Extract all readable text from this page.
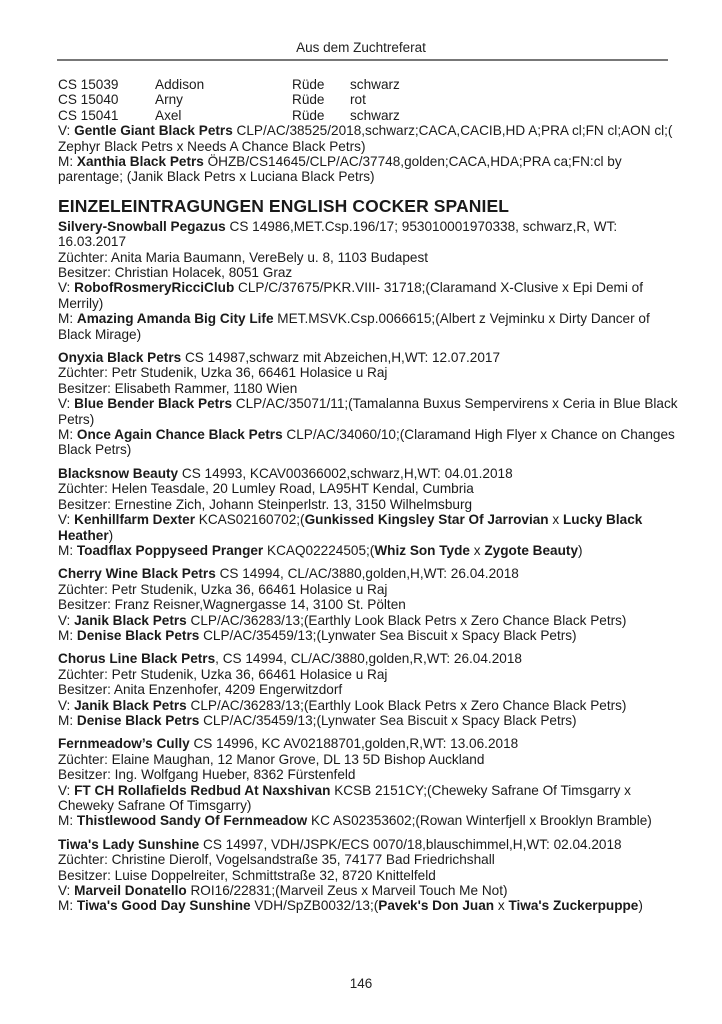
Aus dem Zuchtreferat
CS 15039	Addison	Rüde schwarz
CS 15040	Arny	Rüde rot
CS 15041	Axel	Rüde schwarz

V: Gentle Giant Black Petrs CLP/AC/38525/2018,schwarz;CACA,CACIB,HD A;PRA cl;FN cl;AON cl;( Zephyr Black Petrs x Needs A Chance Black Petrs)

M: Xanthia Black Petrs ÖHZB/CS14645/CLP/AC/37748,golden;CACA,HDA;PRA ca;FN:cl by parentage; (Janik Black Petrs x Luciana Black Petrs)

EINZELEINTRAGUNGEN ENGLISH COCKER SPANIEL

Silvery-Snowball Pegazus CS 14986,MET.Csp.196/17; 953010001970338, schwarz,R, WT: 16.03.2017

Züchter: Anita Maria Baumann, VereBely u. 8, 1103 Budapest

Besitzer: Christian Holacek, 8051 Graz

V: RobofRosmeryRicciClub CLP/C/37675/PKR.VIII- 31718;(Claramand X-Clusive x Epi Demi of Merrily)

M: Amazing Amanda Big City Life MET.MSVK.Csp.0066615;(Albert z Vejminku x Dirty Dancer of Black Mirage)

Onyxia Black Petrs CS 14987,schwarz mit Abzeichen,H,WT: 12.07.2017

Züchter: Petr Studenik, Uzka 36, 66461 Holasice u Raj

Besitzer: Elisabeth Rammer, 1180 Wien

V: Blue Bender Black Petrs CLP/AC/35071/11;(Tamalanna Buxus Sempervirens x Ceria in Blue Black Petrs)

M: Once Again Chance Black Petrs CLP/AC/34060/10;(Claramand High Flyer x Chance on Changes Black Petrs)

Blacksnow Beauty CS 14993, KCAV00366002,schwarz,H,WT: 04.01.2018

Züchter: Helen Teasdale, 20 Lumley Road, LA95HT Kendal, Cumbria

Besitzer: Ernestine Zich, Johann Steinperlstr. 13, 3150 Wilhelmsburg

V: Kenhillfarm Dexter KCAS02160702;(Gunkissed Kingsley Star Of Jarrovian x Lucky Black Heather)

M: Toadflax Poppyseed Pranger KCAQ02224505;(Whiz Son Tyde x Zygote Beauty)

Cherry Wine Black Petrs CS 14994, CL/AC/3880,golden,H,WT: 26.04.2018

Züchter: Petr Studenik, Uzka 36, 66461 Holasice u Raj

Besitzer: Franz Reisner,Wagnergasse 14, 3100 St. Pölten

V: Janik Black Petrs CLP/AC/36283/13;(Earthly Look Black Petrs x Zero Chance Black Petrs)

M: Denise Black Petrs CLP/AC/35459/13;(Lynwater Sea Biscuit x Spacy Black Petrs)

Chorus Line Black Petrs, CS 14994, CL/AC/3880,golden,R,WT: 26.04.2018

Züchter: Petr Studenik, Uzka 36, 66461 Holasice u Raj

Besitzer: Anita Enzenhofer, 4209 Engerwitzdorf

V: Janik Black Petrs CLP/AC/36283/13;(Earthly Look Black Petrs x Zero Chance Black Petrs)

M: Denise Black Petrs CLP/AC/35459/13;(Lynwater Sea Biscuit x Spacy Black Petrs)

Fernmeadow’s Cully CS 14996, KC AV02188701,golden,R,WT: 13.06.2018

Züchter: Elaine Maughan, 12 Manor Grove, DL 13 5D Bishop Auckland

Besitzer: Ing. Wolfgang Hueber, 8362 Fürstenfeld

V: FT CH Rollafields Redbud At Naxshivan KCSB 2151CY;(Cheweky Safrane Of Timsgarry x Cheweky Safrane Of Timsgarry)

M: Thistlewood Sandy Of Fernmeadow KC AS02353602;(Rowan Winterfjell x Brooklyn Bramble)

Tiwa's Lady Sunshine CS 14997, VDH/JSPK/ECS 0070/18,blauschimmel,H,WT: 02.04.2018

Züchter: Christine Dierolf, Vogelsandstraße 35, 74177 Bad Friedrichshall

Besitzer: Luise Doppelreiter, Schmittstraße 32, 8720 Knittelfeld

V: Marveil Donatello ROI16/22831;(Marveil Zeus x Marveil Touch Me Not)

M: Tiwa's Good Day Sunshine VDH/SpZB0032/13;(Pavek's Don Juan x Tiwa's Zuckerpuppe)

146
